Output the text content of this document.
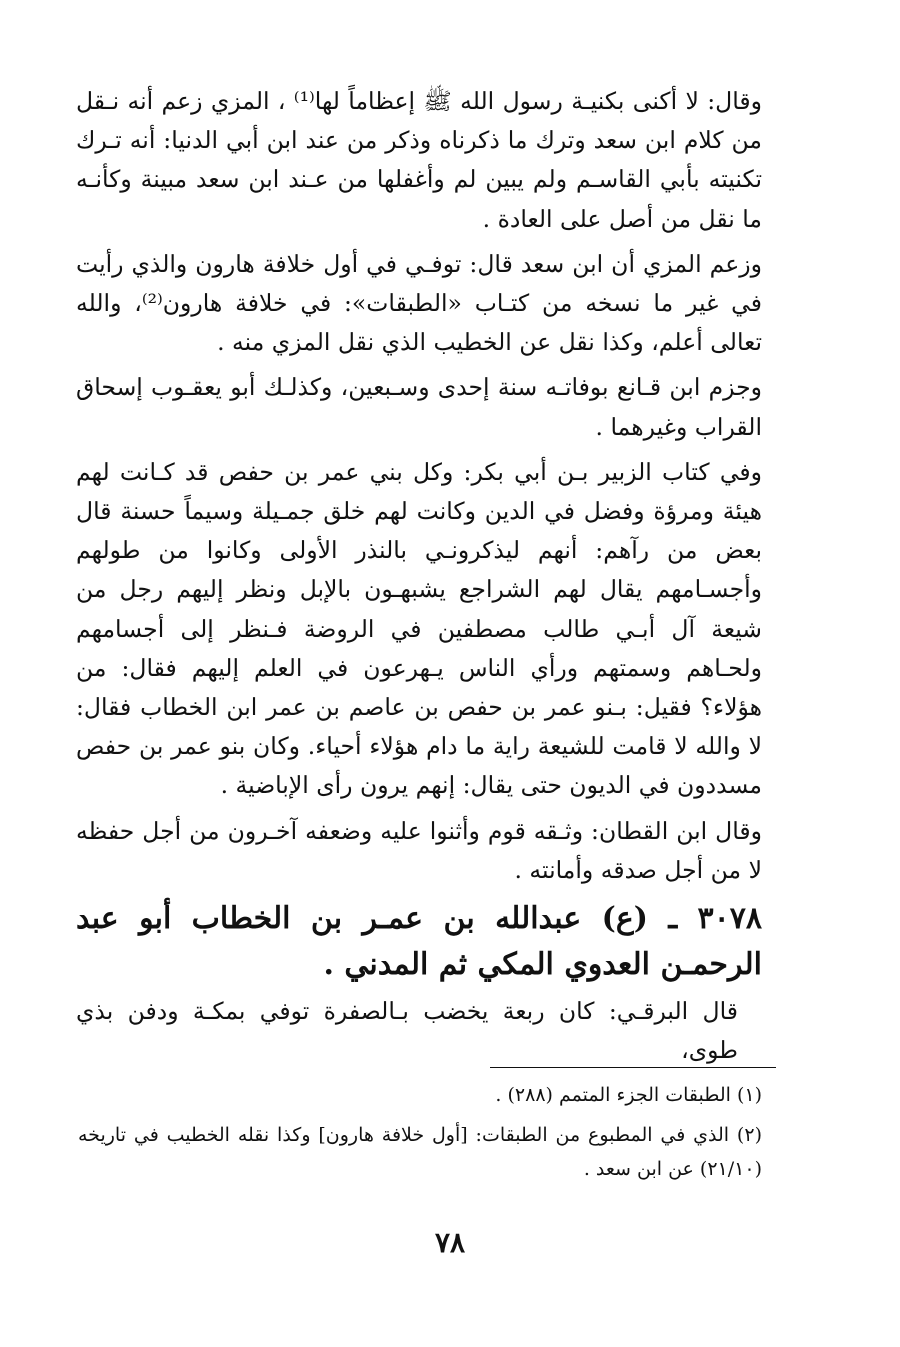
وقال: لا أكنى بكنيـة رسول الله ﷺ إعظاماً لها⁽¹⁾ ، المزي زعم أنه نـقل من كلام ابن سعد وترك ما ذكرناه وذكر من عند ابن أبي الدنيا: أنه تـرك تكنيته بأبي القاسـم ولم يبين لم وأغفلها من عـند ابن سعد مبينة وكأنـه ما نقل من أصل على العادة .

وزعم المزي أن ابن سعد قال: توفـي في أول خلافة هارون والذي رأيت في غير ما نسخه من كتـاب «الطبقات»: في خلافة هارون⁽²⁾، والله تعالى أعلم، وكذا نقل عن الخطيب الذي نقل المزي منه .

وجزم ابن قـانع بوفاتـه سنة إحدى وسـبعين، وكذلـك أبو يعقـوب إسحاق القراب وغيرهما .

وفي كتاب الزبير بـن أبي بكر: وكل بني عمر بن حفص قد كـانت لهم هيئة ومرؤة وفضل في الدين وكانت لهم خلق جمـيلة وسيماً حسنة قال بعض من رآهم: أنهم ليذكرونـي بالنذر الأولى وكانوا من طولهم وأجسـامهم يقال لهم الشراجع يشبهـون بالإبل ونظر إليهم رجل من شيعة آل أبـي طالب مصطفين في الروضة فـنظر إلى أجسامهم ولحـاهم وسمتهم ورأي الناس يـهرعون في العلم إليهم فقال: من هؤلاء؟ فقيل: بـنو عمر بن حفص بن عاصم بن عمر ابن الخطاب فقال: لا والله لا قامت للشيعة راية ما دام هؤلاء أحياء. وكان بنو عمر بن حفص مسددون في الديون حتى يقال: إنهم يرون رأى الإباضية .

وقال ابن القطان: وثـقه قوم وأثنوا عليه وضعفه آخـرون من أجل حفظه لا من أجل صدقه وأمانته .

٣٠٧٨ ـ (ع) عبدالله بن عمـر بن الخطاب أبو عبد الرحمـن العدوي المكي ثم المدني .

قال البرقـي: كان ربعة يخضب بـالصفرة توفي بمكـة ودفن بذي طوى،

(١) الطبقات الجزء المتمم (٢٨٨) .

(٢) الذي في المطبوع من الطبقات: [أول خلافة هارون] وكذا نقله الخطيب في تاريخه (٢١/١٠) عن ابن سعد .

٧٨
